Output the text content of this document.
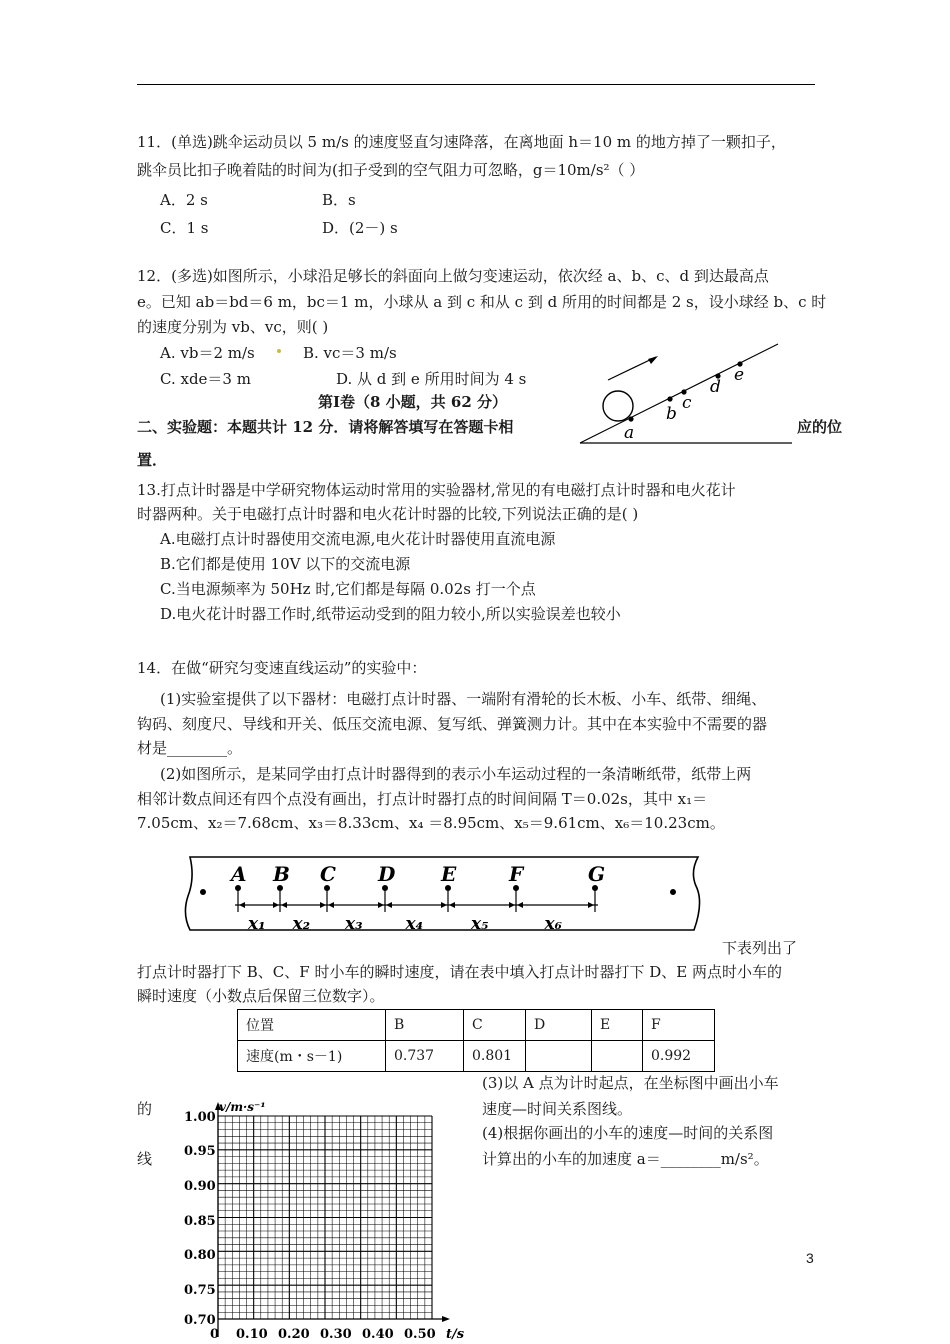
11．(单选)跳伞运动员以 5 m/s 的速度竖直匀速降落，在离地面 h＝10 m 的地方掉了一颗扣子，
跳伞员比扣子晚着陆的时间为(扣子受到的空气阻力可忽略，g＝10m/s²（ ）
A．2 s	B．s
C．1 s	D．(2－) s
12．(多选)如图所示，小球沿足够长的斜面向上做匀变速运动，依次经 a、b、c、d 到达最高点
e。已知 ab＝bd＝6 m，bc＝1 m，小球从 a 到 c 和从 c 到 d 所用的时间都是 2 s，设小球经 b、c 时
的速度分别为 vb、vc，则( )
A. vb＝2 m/s	B. vc＝3 m/s
C. xde＝3 m	D. 从 d 到 e 所用时间为 4 s
a
b
c
d
e
第Ⅰ卷（8 小题，共 62 分）
二、实验题：本题共计 12 分．请将解答填写在答题卡相	应的位
置．
13.打点计时器是中学研究物体运动时常用的实验器材,常见的有电磁打点计时器和电火花计
时器两种。关于电磁打点计时器和电火花计时器的比较,下列说法正确的是( )
A.电磁打点计时器使用交流电源,电火花计时器使用直流电源
B.它们都是使用 10V 以下的交流电源
C.当电源频率为 50Hz 时,它们都是每隔 0.02s 打一个点
D.电火花计时器工作时,纸带运动受到的阻力较小,所以实验误差也较小
14．在做“研究匀变速直线运动”的实验中：
(1)实验室提供了以下器材：电磁打点计时器、一端附有滑轮的长木板、小车、纸带、细绳、
钩码、刻度尺、导线和开关、低压交流电源、复写纸、弹簧测力计。其中在本实验中不需要的器
材是________。
(2)如图所示，是某同学由打点计时器得到的表示小车运动过程的一条清晰纸带，纸带上两
相邻计数点间还有四个点没有画出，打点计时器打点的时间间隔 T＝0.02s，其中 x₁＝
7.05cm、x₂＝7.68cm、x₃＝8.33cm、x₄ ＝8.95cm、x₅＝9.61cm、x₆＝10.23cm。
A B C D E	F	G
x₁ x₂ x₃	x₄	x₅	x₆
下表列出了
打点计时器打下 B、C、F 时小车的瞬时速度，请在表中填入打点计时器打下 D、E 两点时小车的
瞬时速度（小数点后保留三位数字）。
位置	B	C	D	E	F
速度(m・s－1)	0.737	0.801			0.992
的
线
(3)以 A 点为计时起点，在坐标图中画出小车
速度—时间关系图线。
(4)根据你画出的小车的速度—时间的关系图
计算出的小车的加速度 a＝________m/s²。
v/m·s⁻¹
t/s
1.00
0.95
0.90
0.85
0.80
0.75
0.70
0 0.10 0.20 0.30 0.40 0.50
3
